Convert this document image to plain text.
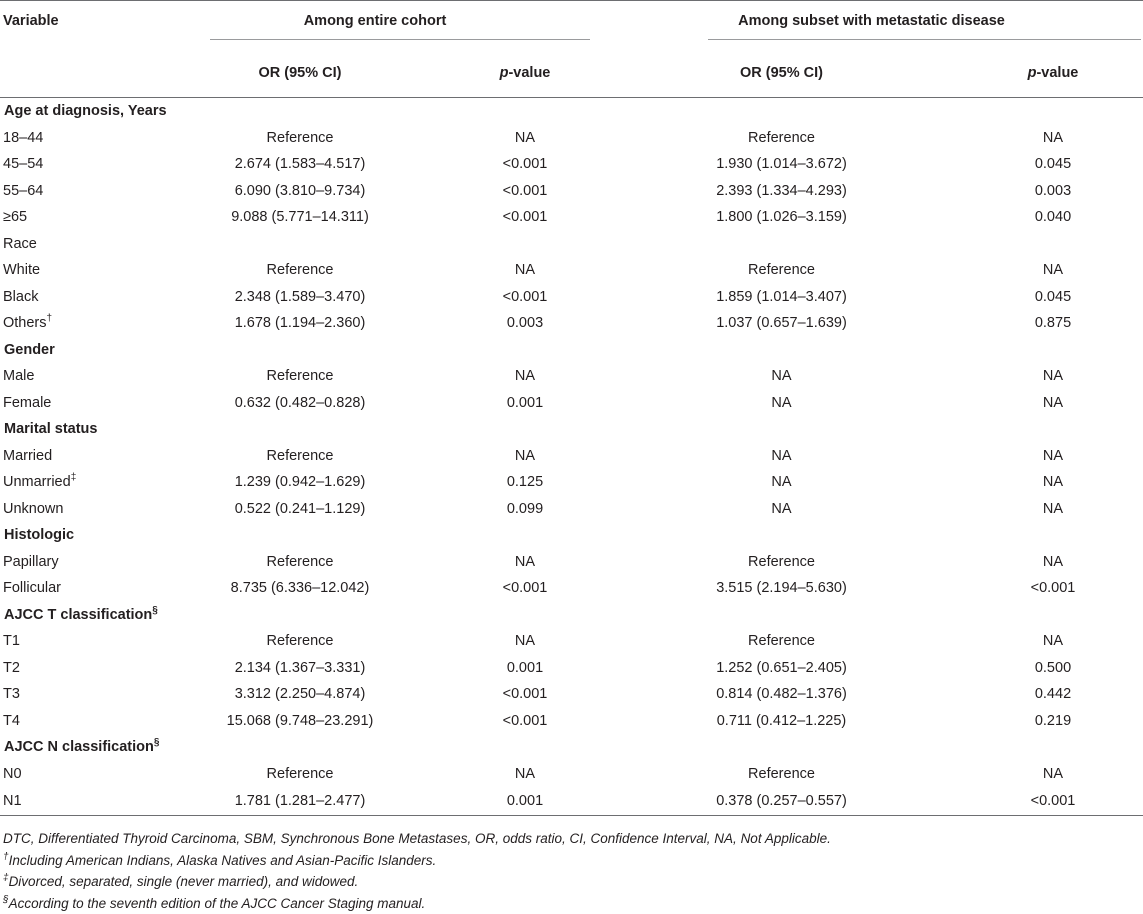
Variable	Among entire cohort		Among subset with metastatic disease	
	OR (95% CI)	p-value	OR (95% CI)	p-value
Age at diagnosis, Years				
18–44	Reference	NA	Reference	NA
45–54	2.674 (1.583–4.517)	<0.001	1.930 (1.014–3.672)	0.045
55–64	6.090 (3.810–9.734)	<0.001	2.393 (1.334–4.293)	0.003
≥65	9.088 (5.771–14.311)	<0.001	1.800 (1.026–3.159)	0.040
Race				
White	Reference	NA	Reference	NA
Black	2.348 (1.589–3.470)	<0.001	1.859 (1.014–3.407)	0.045
Others†	1.678 (1.194–2.360)	0.003	1.037 (0.657–1.639)	0.875
Gender				
Male	Reference	NA	NA	NA
Female	0.632 (0.482–0.828)	0.001	NA	NA
Marital status				
Married	Reference	NA	NA	NA
Unmarried‡	1.239 (0.942–1.629)	0.125	NA	NA
Unknown	0.522 (0.241–1.129)	0.099	NA	NA
Histologic				
Papillary	Reference	NA	Reference	NA
Follicular	8.735 (6.336–12.042)	<0.001	3.515 (2.194–5.630)	<0.001
AJCC T classification§				
T1	Reference	NA	Reference	NA
T2	2.134 (1.367–3.331)	0.001	1.252 (0.651–2.405)	0.500
T3	3.312 (2.250–4.874)	<0.001	0.814 (0.482–1.376)	0.442
T4	15.068 (9.748–23.291)	<0.001	0.711 (0.412–1.225)	0.219
AJCC N classification§				
N0	Reference	NA	Reference	NA
N1	1.781 (1.281–2.477)	0.001	0.378 (0.257–0.557)	<0.001
DTC, Differentiated Thyroid Carcinoma, SBM, Synchronous Bone Metastases, OR, odds ratio, CI, Confidence Interval, NA, Not Applicable.
†Including American Indians, Alaska Natives and Asian-Pacific Islanders.
‡Divorced, separated, single (never married), and widowed.
§According to the seventh edition of the AJCC Cancer Staging manual.
